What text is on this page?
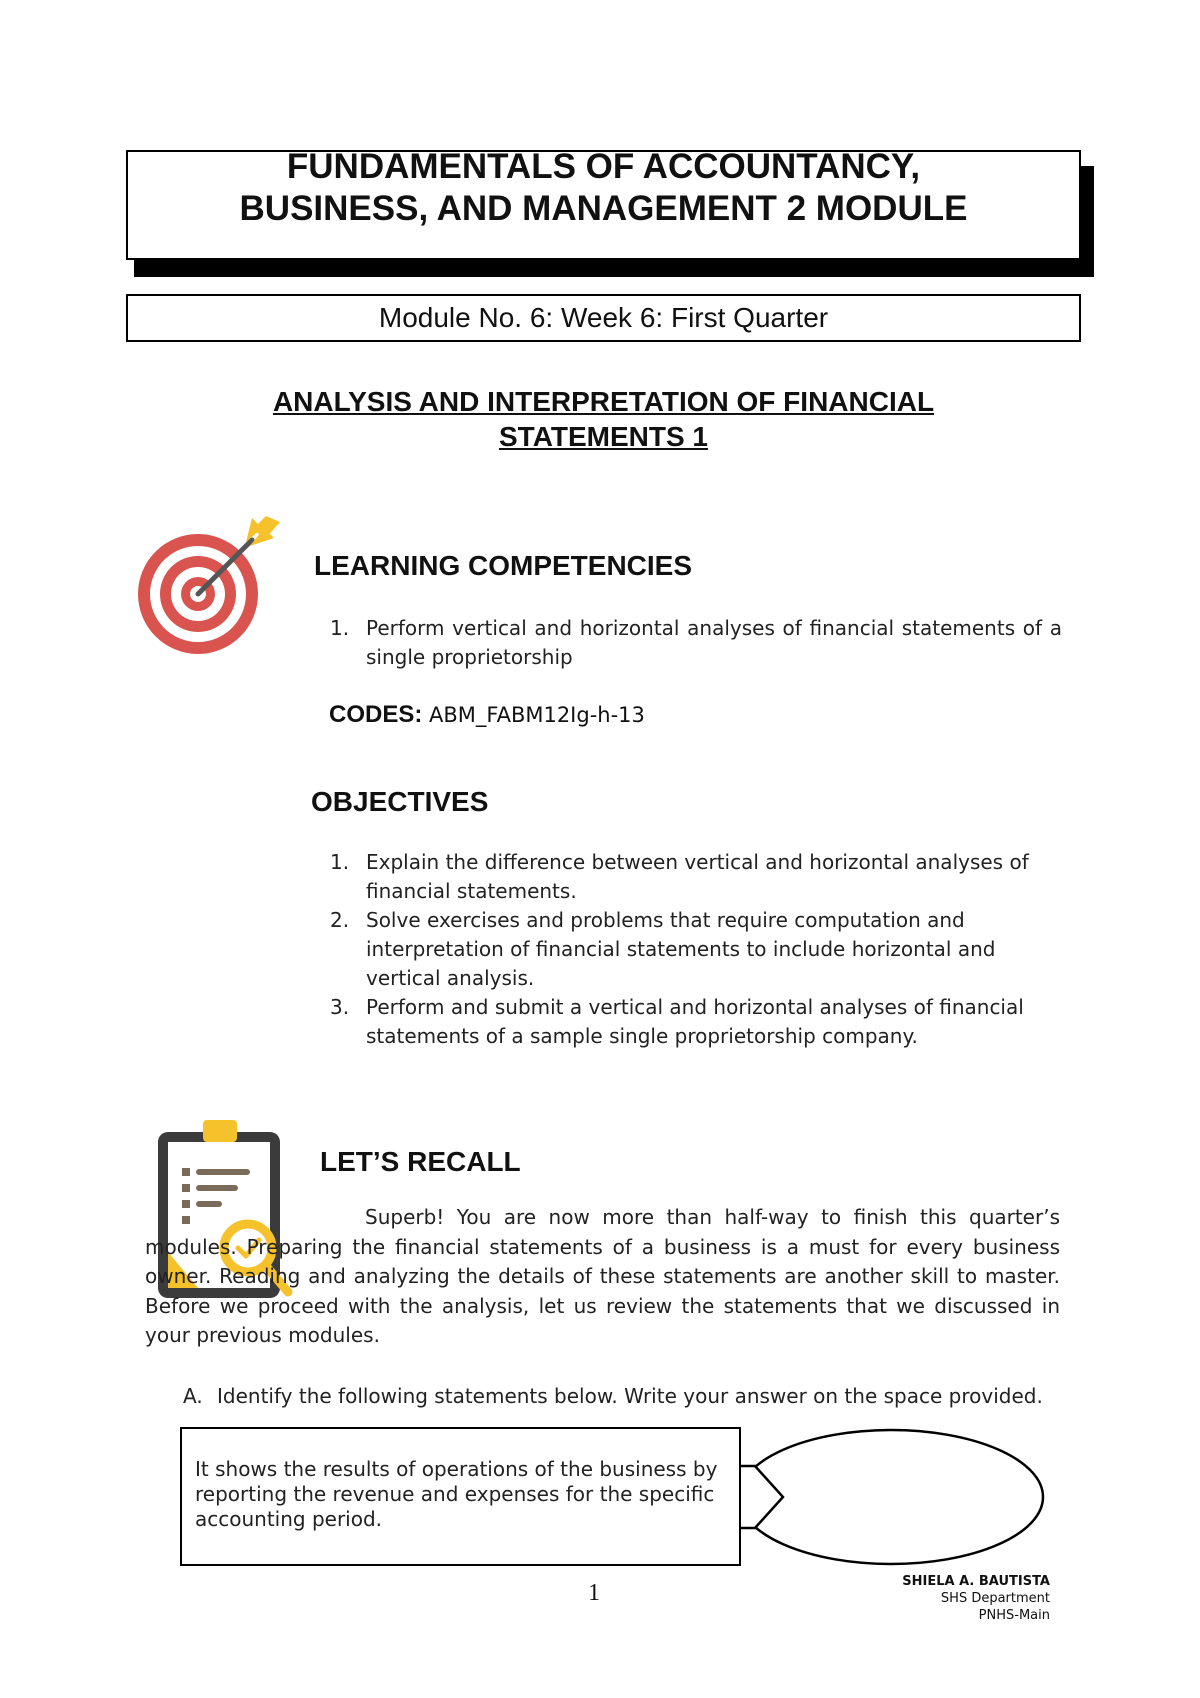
FUNDAMENTALS OF ACCOUNTANCY,
BUSINESS, AND MANAGEMENT 2 MODULE
Module No. 6: Week 6: First Quarter
ANALYSIS AND INTERPRETATION OF FINANCIAL
STATEMENTS 1
LEARNING COMPETENCIES
1. Perform vertical and horizontal analyses of financial statements of a single proprietorship
CODES: ABM_FABM12Ig-h-13
OBJECTIVES
1. Explain the difference between vertical and horizontal analyses of financial statements.
2. Solve exercises and problems that require computation and interpretation of financial statements to include horizontal and vertical analysis.
3. Perform and submit a vertical and horizontal analyses of financial statements of a sample single proprietorship company.
LET’S RECALL
Superb! You are now more than half-way to finish this quarter’s modules. Preparing the financial statements of a business is a must for every business owner. Reading and analyzing the details of these statements are another skill to master. Before we proceed with the analysis, let us review the statements that we discussed in your previous modules.
A. Identify the following statements below. Write your answer on the space provided.
It shows the results of operations of the business by reporting the revenue and expenses for the specific accounting period.
1	SHIELA A. BAUTISTA
SHS Department
PNHS-Main
